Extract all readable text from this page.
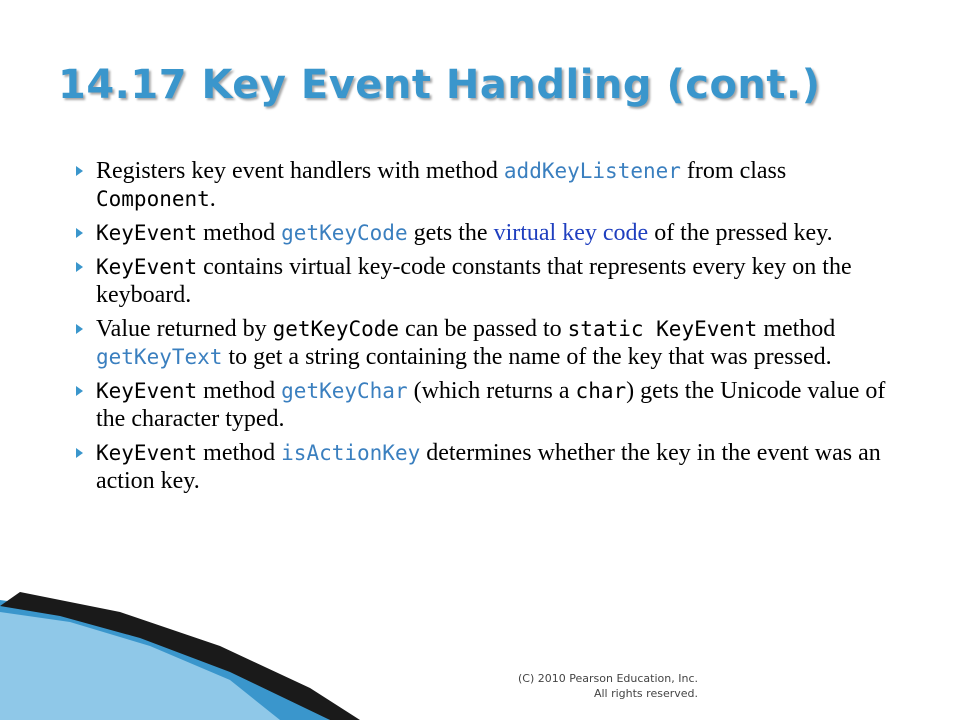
14.17 Key Event Handling (cont.)
Registers key event handlers with method addKeyListener from class Component.
KeyEvent method getKeyCode gets the virtual key code of the pressed key.
KeyEvent contains virtual key-code constants that represents every key on the keyboard.
Value returned by getKeyCode can be passed to static KeyEvent method getKeyText to get a string containing the name of the key that was pressed.
KeyEvent method getKeyChar (which returns a char) gets the Unicode value of the character typed.
KeyEvent method isActionKey determines whether the key in the event was an action key.
(C) 2010 Pearson Education, Inc.
All rights reserved.
